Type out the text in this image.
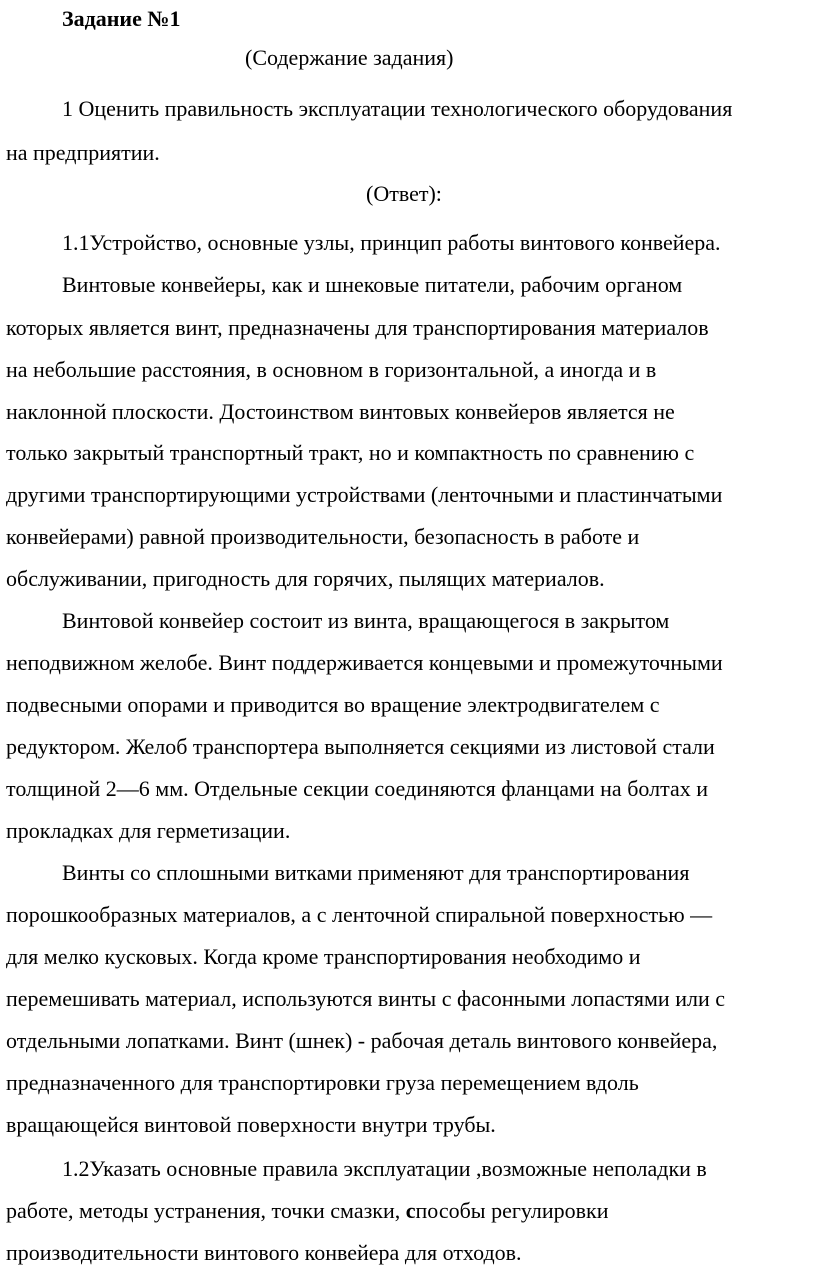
Задание №1
(Содержание задания)
1 Оценить правильность эксплуатации технологического оборудования
на предприятии.
(Ответ):
1.1Устройство, основные узлы, принцип работы винтового конвейера.
Винтовые конвейеры, как и шнековые питатели, рабочим органом
которых является винт, предназначены для транспортирования материалов
на небольшие расстояния, в основном в горизонтальной, а иногда и в
наклонной плоскости. Достоинством винтовых конвейеров является не
только закрытый транспортный тракт, но и компактность по сравнению с
другими транспортирующими устройствами (ленточными и пластинчатыми
конвейерами) равной производительности, безопасность в работе и
обслуживании, пригодность для горячих, пылящих материалов.
Винтовой конвейер состоит из винта, вращающегося в закрытом
неподвижном желобе. Винт поддерживается концевыми и промежуточными
подвесными опорами и приводится во вращение электродвигателем с
редуктором. Желоб транспортера выполняется секциями из листовой стали
толщиной 2—6 мм. Отдельные секции соединяются фланцами на болтах и
прокладках для герметизации.
Винты со сплошными витками применяют для транспортирования
порошкообразных материалов, а с ленточной спиральной поверхностью —
для мелко кусковых. Когда кроме транспортирования необходимо и
перемешивать материал, используются винты с фасонными лопастями или с
отдельными лопатками. Винт (шнек) - рабочая деталь винтового конвейера,
предназначенного для транспортировки груза перемещением вдоль
вращающейся винтовой поверхности внутри трубы.
1.2Указать основные правила эксплуатации ,возможные неполадки в
работе, методы устранения, точки смазки, способы регулировки
производительности винтового конвейера для отходов.
